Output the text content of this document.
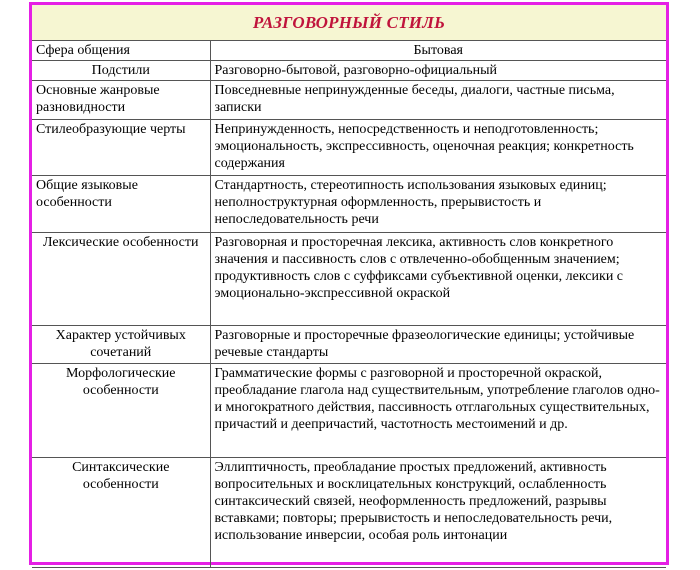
РАЗГОВОРНЫЙ СТИЛЬ
Сфера общения	Бытовая
Подстили	Разговорно-бытовой, разговорно-официальный
Основные жанровые разновидности	Повседневные непринужденные беседы, диалоги, частные письма, записки
Стилеобразующие черты	Непринужденность, непосредственность и неподготовленность; эмоциональность, экспрессивность, оценочная реакция; конкретность содержания
Общие языковые особенности	Стандартность, стереотипность использования языковых единиц; неполноструктурная оформленность, прерывистость и непоследовательность речи
Лексические особенности	Разговорная и просторечная лексика, активность слов конкретного значения и пассивность слов с отвлеченно-обобщенным значением; продуктивность слов с суффиксами субъективной оценки, лексики с эмоционально-экспрессивной окраской
Характер устойчивых сочетаний	Разговорные и просторечные фразеологические единицы; устойчивые речевые стандарты
Морфологические особенности	Грамматические формы с разговорной и просторечной окраской, преобладание глагола над существительным, употребление глаголов одно- и многократного действия, пассивность отглагольных существительных, причастий и деепричастий, частотность местоимений и др.
Синтаксические особенности	Эллиптичность, преобладание простых предложений, активность вопросительных и восклицательных конструкций, ослабленность синтаксический связей, неоформленность предложений, разрывы вставками; повторы; прерывистость и непоследовательность речи, использование инверсии, особая роль интонации
